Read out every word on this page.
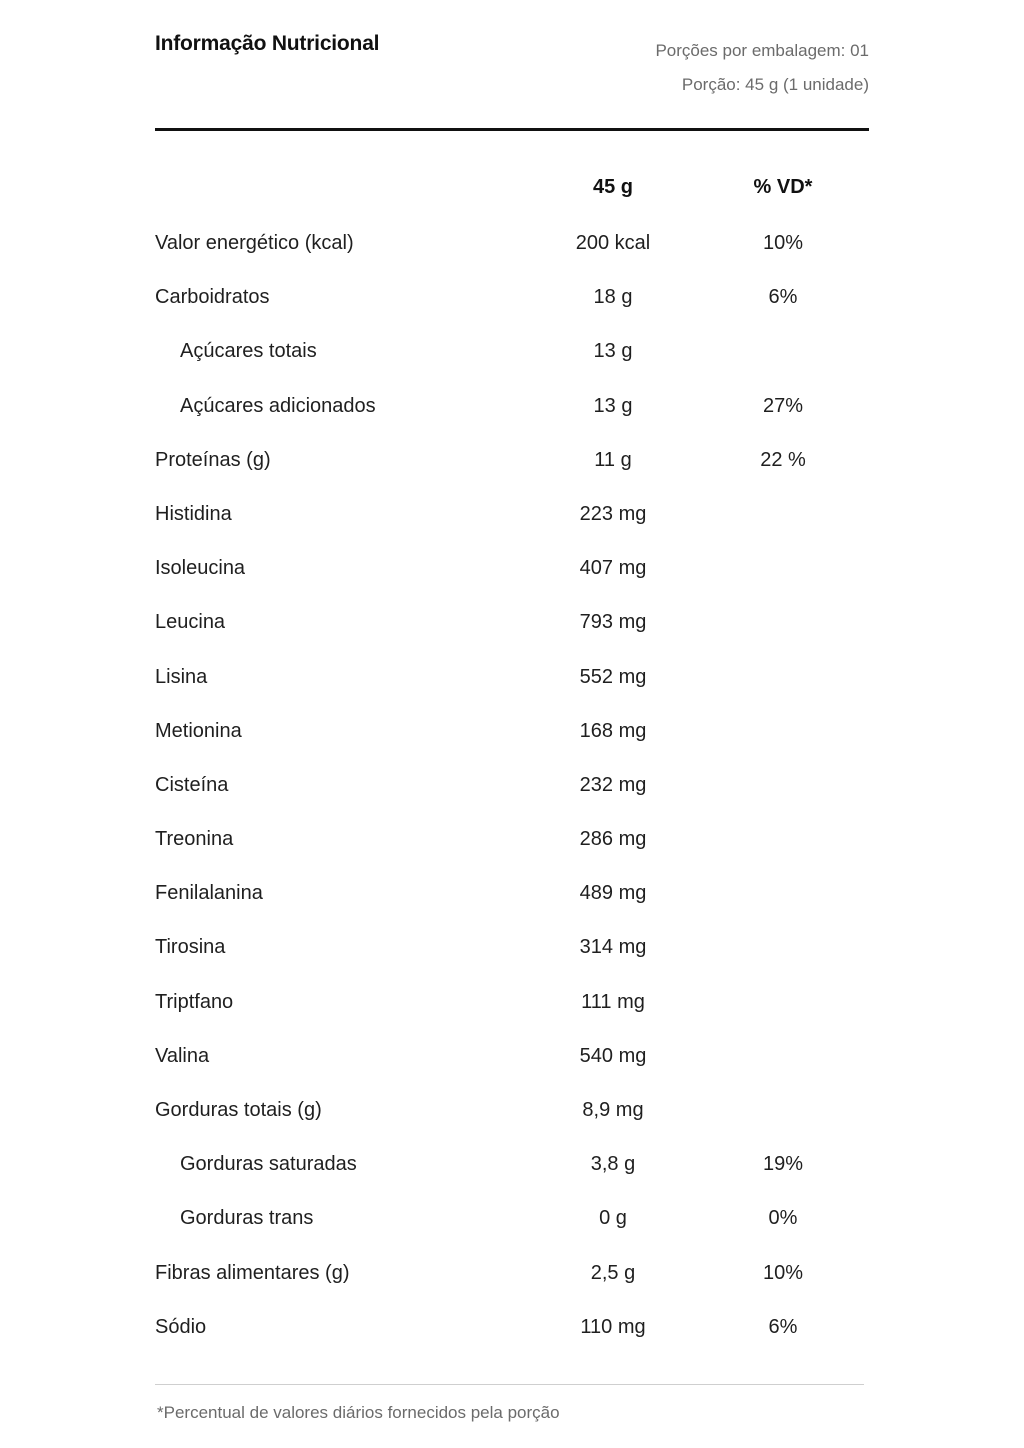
Informação Nutricional	Porções por embalagem: 01
Porção: 45 g (1 unidade)
45 g	% VD*
Valor energético (kcal)	200 kcal	10%
Carboidratos	18 g	6%
Açúcares totais	13 g
Açúcares adicionados	13 g	27%
Proteínas (g)	11 g	22 %
Histidina	223 mg
Isoleucina	407 mg
Leucina	793 mg
Lisina	552 mg
Metionina	168 mg
Cisteína	232 mg
Treonina	286 mg
Fenilalanina	489 mg
Tirosina	314 mg
Triptfano	111 mg
Valina	540 mg
Gorduras totais (g)	8,9 mg
Gorduras saturadas	3,8 g	19%
Gorduras trans	0 g	0%
Fibras alimentares (g)	2,5 g	10%
Sódio	110 mg	6%
*Percentual de valores diários fornecidos pela porção
